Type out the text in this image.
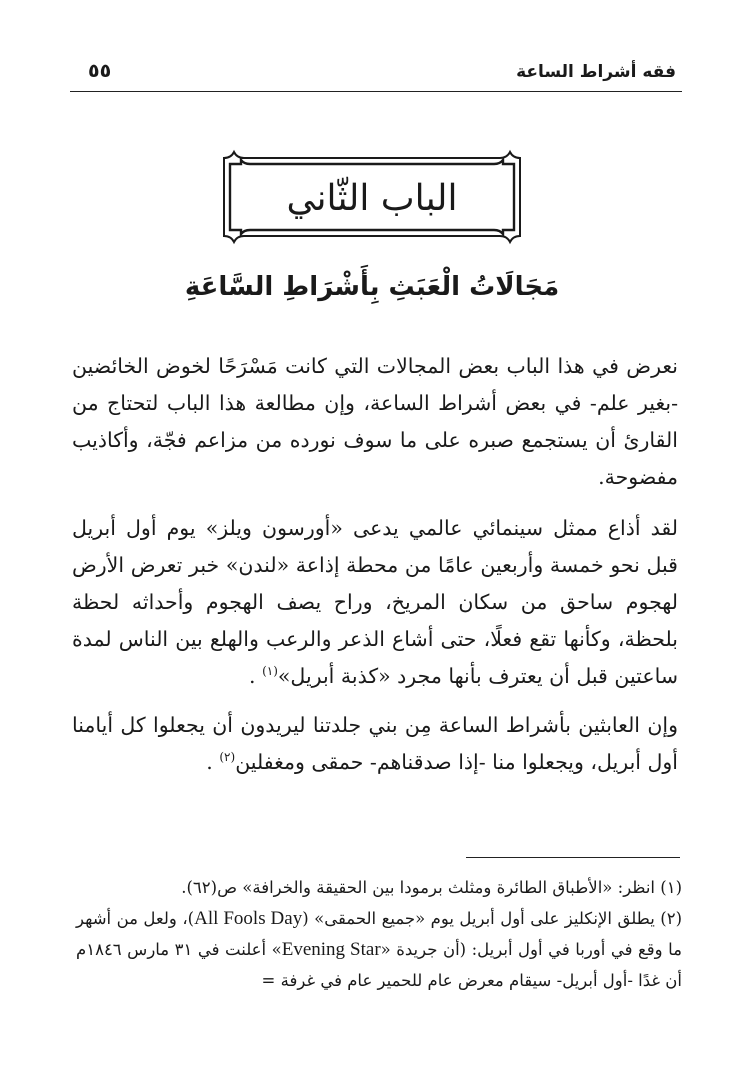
فقه أشراط الساعة
٥٥
الباب الثّاني
مَجَالَاتُ الْعَبَثِ بِأَشْرَاطِ السَّاعَةِ

نعرض في هذا الباب بعض المجالات التي كانت مَسْرَحًا لخوض الخائضين -بغير علم- في بعض أشراط الساعة، وإن مطالعة هذا الباب لتحتاج من القارئ أن يستجمع صبره على ما سوف نورده من مزاعم فجّة، وأكاذيب مفضوحة.

لقد أذاع ممثل سينمائي عالمي يدعى «أورسون ويلز» يوم أول أبريل قبل نحو خمسة وأربعين عامًا من محطة إذاعة «لندن» خبر تعرض الأرض لهجوم ساحق من سكان المريخ، وراح يصف الهجوم وأحداثه لحظة بلحظة، وكأنها تقع فعلًا، حتى أشاع الذعر والرعب والهلع بين الناس لمدة ساعتين قبل أن يعترف بأنها مجرد «كذبة أبريل»$^{(١)}$ .

وإن العابثين بأشراط الساعة مِن بني جلدتنا ليريدون أن يجعلوا كل أيامنا أول أبريل، ويجعلوا منا -إذا صدقناهم- حمقى ومغفلين$^{(٢)}$ .

(١) انظر: «الأطباق الطائرة ومثلث برمودا بين الحقيقة والخرافة» ص(٦٢).

(٢) يطلق الإنكليز على أول أبريل يوم «جميع الحمقى» (All Fools Day)، ولعل من أشهر ما وقع في أوربا في أول أبريل: (أن جريدة «Evening Star» أعلنت في ٣١ مارس ١٨٤٦م أن غدًا -أول أبريل- سيقام معرض عام للحمير عام في غرفة =
